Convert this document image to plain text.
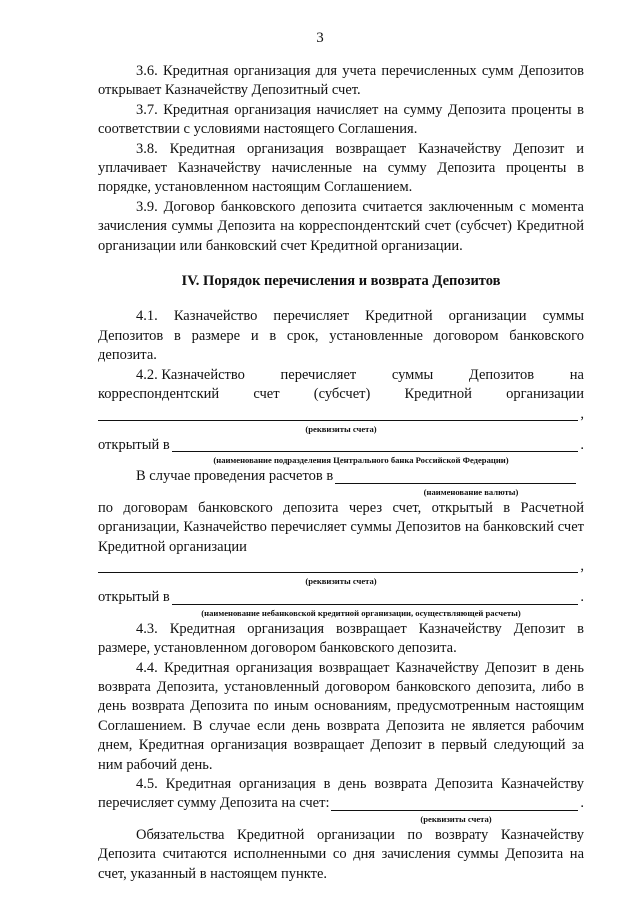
3

3.6. Кредитная организация для учета перечисленных сумм Депозитов открывает Казначейству Депозитный счет.

3.7. Кредитная организация начисляет на сумму Депозита проценты в соответствии с условиями настоящего Соглашения.

3.8. Кредитная организация возвращает Казначейству Депозит и уплачивает Казначейству начисленные на сумму Депозита проценты в порядке, установленном настоящим Соглашением.

3.9. Договор банковского депозита считается заключенным с момента зачисления суммы Депозита на корреспондентский счет (субсчет) Кредитной организации или банковский счет Кредитной организации.

IV. Порядок перечисления и возврата Депозитов

4.1. Казначейство перечисляет Кредитной организации суммы Депозитов в размере и в срок, установленные договором банковского депозита.

4.2. Казначейство перечисляет суммы Депозитов на
корреспондентский счет (субсчет) Кредитной организации
,
(реквизиты счета)
открытый в	.
(наименование подразделения Центрального банка Российской Федерации)
В случае проведения расчетов в
(наименование валюты)

по договорам банковского депозита через счет, открытый в Расчетной организации, Казначейство перечисляет суммы Депозитов на банковский счет Кредитной организации

,
(реквизиты счета)
открытый в	.
(наименование небанковской кредитной организации, осуществляющей расчеты)

4.3. Кредитная организация возвращает Казначейству Депозит в размере, установленном договором банковского депозита.

4.4. Кредитная организация возвращает Казначейству Депозит в день возврата Депозита, установленный договором банковского депозита, либо в день возврата Депозита по иным основаниям, предусмотренным настоящим Соглашением. В случае если день возврата Депозита не является рабочим днем, Кредитная организация возвращает Депозит в первый следующий за ним рабочий день.

4.5. Кредитная организация в день возврата Депозита Казначейству

перечисляет сумму Депозита на счет:	.
(реквизиты счета)

Обязательства Кредитной организации по возврату Казначейству Депозита считаются исполненными со дня зачисления суммы Депозита на счет, указанный в настоящем пункте.
